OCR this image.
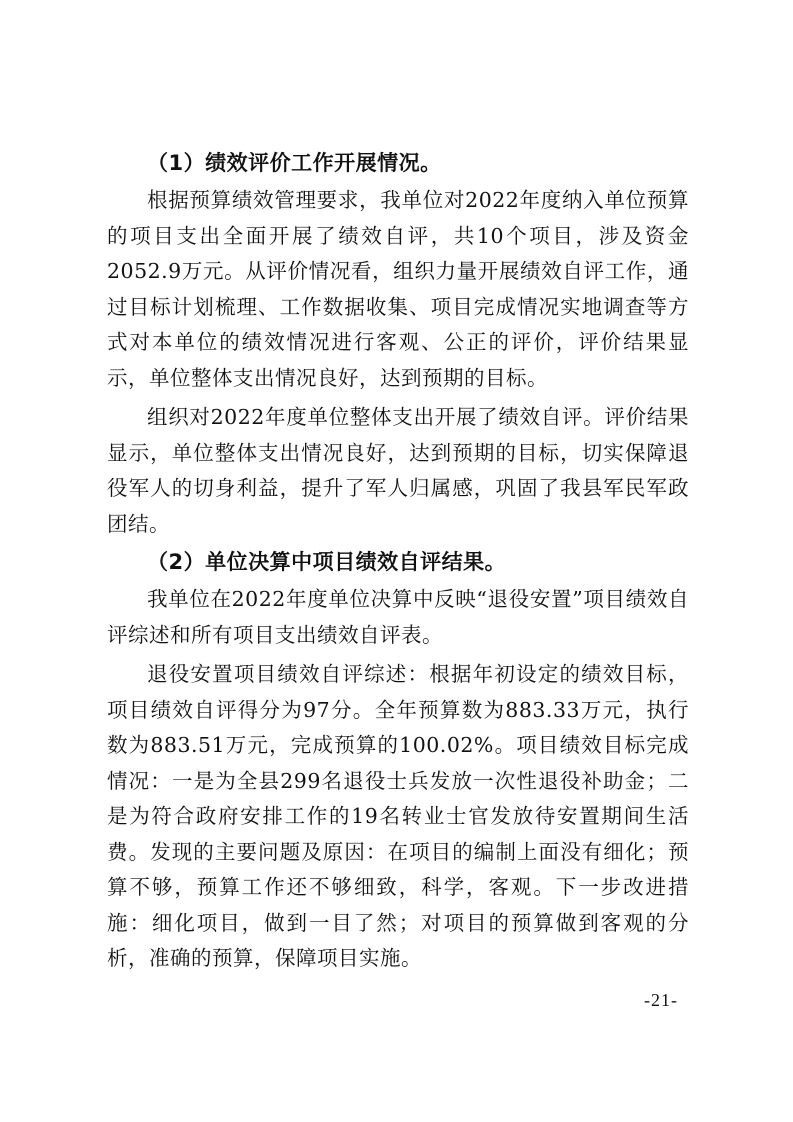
（1）绩效评价工作开展情况。

根据预算绩效管理要求，我单位对2022年度纳入单位预算的项目支出全面开展了绩效自评，共10个项目，涉及资金2052.9万元。从评价情况看，组织力量开展绩效自评工作，通过目标计划梳理、工作数据收集、项目完成情况实地调查等方式对本单位的绩效情况进行客观、公正的评价，评价结果显示，单位整体支出情况良好，达到预期的目标。

组织对2022年度单位整体支出开展了绩效自评。评价结果显示，单位整体支出情况良好，达到预期的目标，切实保障退役军人的切身利益，提升了军人归属感，巩固了我县军民军政团结。

（2）单位决算中项目绩效自评结果。

我单位在2022年度单位决算中反映“退役安置”项目绩效自评综述和所有项目支出绩效自评表。

退役安置项目绩效自评综述：根据年初设定的绩效目标，项目绩效自评得分为97分。全年预算数为883.33万元，执行数为883.51万元，完成预算的100.02%。项目绩效目标完成情况：一是为全县299名退役士兵发放一次性退役补助金；二是为符合政府安排工作的19名转业士官发放待安置期间生活费。发现的主要问题及原因：在项目的编制上面没有细化；预算不够，预算工作还不够细致，科学，客观。下一步改进措施：细化项目，做到一目了然；对项目的预算做到客观的分析，准确的预算，保障项目实施。

-21-
